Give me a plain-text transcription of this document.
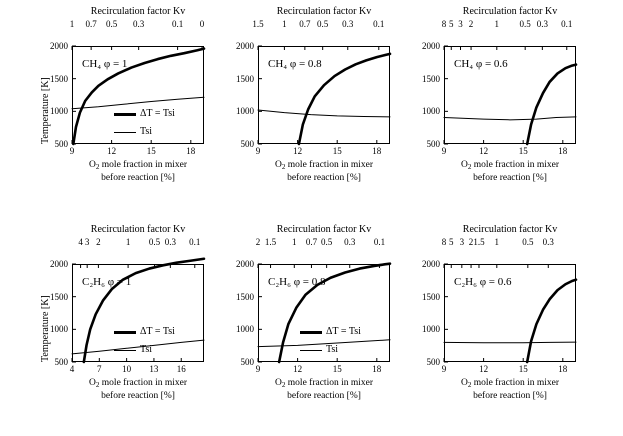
Recirculation factor Kv
1 0.7 0.5 0.3	0.1 0
500
1000
1500
2000
Temperature [K]
9	12	15	18
$O_2$ mole fraction in mixer
before reaction [%]
CH₄ φ = 1
ΔT = Tsi
Tsi
Recirculation factor Kv
1.5 1 0.7 0.5 0.3 0.1
500
1000
1500
2000
9	12	15	18
$O_2$ mole fraction in mixer
before reaction [%]
CH₄ φ = 0.8
Recirculation factor Kv
8 5 3 2 1 0.5 0.3 0.1
500
1000
1500
2000
9	12	15	18
$O_2$ mole fraction in mixer
before reaction [%]
CH₄ φ = 0.6
Recirculation factor Kv
4 3 2	1 0.5 0.3 0.1
500
1000
1500
2000
Temperature [K]
4	7 10 13 16
$O_2$ mole fraction in mixer
before reaction [%]
C₂H₆ φ = 1
ΔT = Tsi
Tsi
Recirculation factor Kv
2 1.5 1 0.7 0.5 0.3 0.1
500
1000
1500
2000
9	12	15	18
$O_2$ mole fraction in mixer
before reaction [%]
C₂H₆ φ = 0.8
ΔT = Tsi
Tsi
Recirculation factor Kv
8 5 3 2 1.5 1	0.5 0.3
500
1000
1500
2000
9	12	15	18
$O_2$ mole fraction in mixer
before reaction [%]
C₂H₆ φ = 0.6
